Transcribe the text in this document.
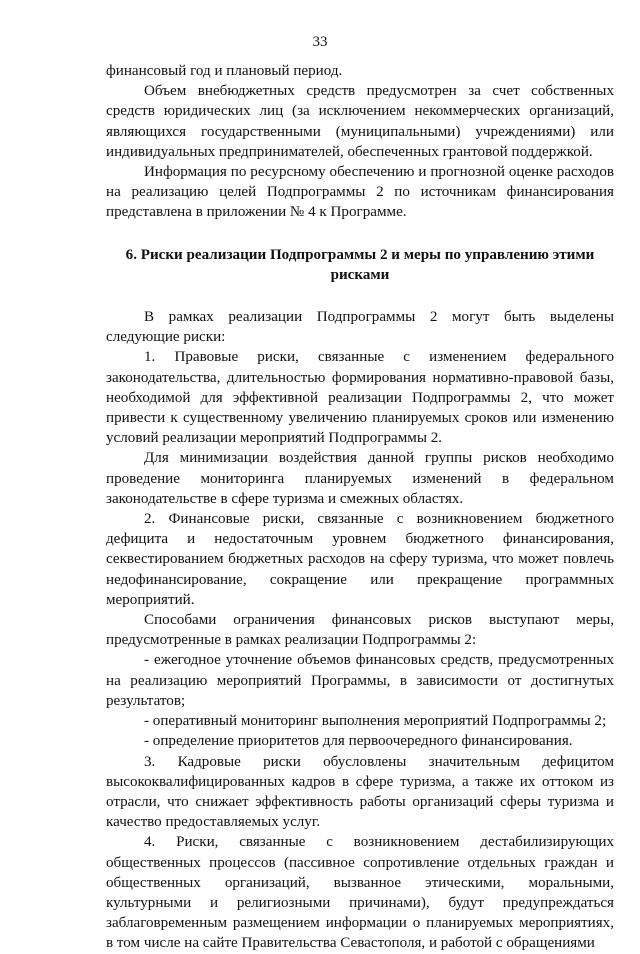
33

финансовый год и плановый период.

Объем внебюджетных средств предусмотрен за счет собственных средств юридических лиц (за исключением некоммерческих организаций, являющихся государственными (муниципальными) учреждениями) или индивидуальных предпринимателей, обеспеченных грантовой поддержкой.

Информация по ресурсному обеспечению и прогнозной оценке расходов на реализацию целей Подпрограммы 2 по источникам финансирования представлена в приложении № 4 к Программе.

6. Риски реализации Подпрограммы 2 и меры по управлению этими рисками

В рамках реализации Подпрограммы 2 могут быть выделены следующие риски:

1. Правовые риски, связанные с изменением федерального законодательства, длительностью формирования нормативно-правовой базы, необходимой для эффективной реализации Подпрограммы 2, что может привести к существенному увеличению планируемых сроков или изменению условий реализации мероприятий Подпрограммы 2.

Для минимизации воздействия данной группы рисков необходимо проведение мониторинга планируемых изменений в федеральном законодательстве в сфере туризма и смежных областях.

2. Финансовые риски, связанные с возникновением бюджетного дефицита и недостаточным уровнем бюджетного финансирования, секвестированием бюджетных расходов на сферу туризма, что может повлечь недофинансирование, сокращение или прекращение программных мероприятий.

Способами ограничения финансовых рисков выступают меры, предусмотренные в рамках реализации Подпрограммы 2:

- ежегодное уточнение объемов финансовых средств, предусмотренных на реализацию мероприятий Программы, в зависимости от достигнутых результатов;

- оперативный мониторинг выполнения мероприятий Подпрограммы 2;

- определение приоритетов для первоочередного финансирования.

3. Кадровые риски обусловлены значительным дефицитом высококвалифицированных кадров в сфере туризма, а также их оттоком из отрасли, что снижает эффективность работы организаций сферы туризма и качество предоставляемых услуг.

4. Риски, связанные с возникновением дестабилизирующих общественных процессов (пассивное сопротивление отдельных граждан и общественных организаций, вызванное этическими, моральными, культурными и религиозными причинами), будут предупреждаться заблаговременным размещением информации о планируемых мероприятиях, в том числе на сайте Правительства Севастополя, и работой с обращениями
